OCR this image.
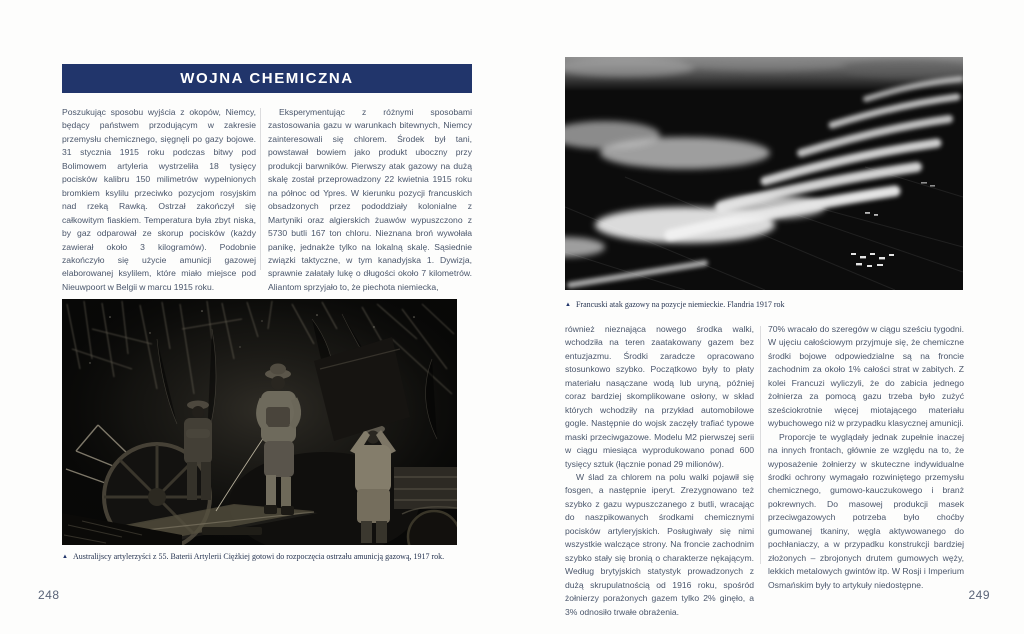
WOJNA CHEMICZNA

Poszukując sposobu wyjścia z okopów, Niemcy, będący państwem przodującym w zakresie przemysłu chemicznego, sięgnęli po gazy bojowe. 31 stycznia 1915 roku podczas bitwy pod Bolimowem artyleria wystrzeliła 18 tysięcy pocisków kalibru 150 milimetrów wypełnionych bromkiem ksylilu przeciwko pozycjom rosyjskim nad rzeką Rawką. Ostrzał zakończył się całkowitym fiaskiem. Temperatura była zbyt niska, by gaz odparował ze skorup pocisków (każdy zawierał około 3 kilogramów). Podobnie zakończyło się użycie amunicji gazowej elaborowanej ksylilem, które miało miejsce pod Nieuwpoort w Belgii w marcu 1915 roku.

Eksperymentując z różnymi sposobami zastosowania gazu w warunkach bitewnych, Niemcy zainteresowali się chlorem. Środek był tani, powstawał bowiem jako produkt uboczny przy produkcji barwników. Pierwszy atak gazowy na dużą skalę został przeprowadzony 22 kwietnia 1915 roku na północ od Ypres. W kierunku pozycji francuskich obsadzonych przez pododdziały kolonialne z Martyniki oraz algierskich żuawów wypuszczono z 5730 butli 167 ton chloru. Nieznana broń wywołała panikę, jednakże tylko na lokalną skalę. Sąsiednie związki taktyczne, w tym kanadyjska 1. Dywizja, sprawnie załatały lukę o długości około 7 kilometrów. Aliantom sprzyjało to, że piechota niemiecka,

▲ Australijscy artylerzyści z 55. Baterii Artylerii Ciężkiej gotowi do rozpoczęcia ostrzału amunicją gazową, 1917 rok.
248
▲ Francuski atak gazowy na pozycje niemieckie. Flandria 1917 rok

również nieznająca nowego środka walki, wchodziła na teren zaatakowany gazem bez entuzjazmu. Środki zaradcze opracowano stosunkowo szybko. Początkowo były to płaty materiału nasączane wodą lub uryną, później coraz bardziej skomplikowane osłony, w skład których wchodziły na przykład automobilowe gogle. Następnie do wojsk zaczęły trafiać typowe maski przeciwgazowe. Modelu M2 pierwszej serii w ciągu miesiąca wyprodukowano ponad 600 tysięcy sztuk (łącznie ponad 29 milionów).

W ślad za chlorem na polu walki pojawił się fosgen, a następnie iperyt. Zrezygnowano też szybko z gazu wypuszczanego z butli, wracając do naszpikowanych środkami chemicznymi pocisków artyleryjskich. Posługiwały się nimi wszystkie walczące strony. Na froncie zachodnim szybko stały się bronią o charakterze nękającym. Według brytyjskich statystyk prowadzonych z dużą skrupulatnością od 1916 roku, spośród żołnierzy porażonych gazem tylko 2% ginęło, a 3% odnosiło trwałe obrażenia.

70% wracało do szeregów w ciągu sześciu tygodni. W ujęciu całościowym przyjmuje się, że chemiczne środki bojowe odpowiedzialne są na froncie zachodnim za około 1% całości strat w zabitych. Z kolei Francuzi wyliczyli, że do zabicia jednego żołnierza za pomocą gazu trzeba było zużyć sześciokrotnie więcej miotającego materiału wybuchowego niż w przypadku klasycznej amunicji.

Proporcje te wyglądały jednak zupełnie inaczej na innych frontach, głównie ze względu na to, że wyposażenie żołnierzy w skuteczne indywidualne środki ochrony wymagało rozwiniętego przemysłu chemicznego, gumowo-kauczukowego i branż pokrewnych. Do masowej produkcji masek przeciwgazowych potrzeba było choćby gumowanej tkaniny, węgla aktywowanego do pochłaniaczy, a w przypadku konstrukcji bardziej złożonych – zbrojonych drutem gumowych węży, lekkich metalowych gwintów itp. W Rosji i Imperium Osmańskim były to artykuły niedostępne.

249
